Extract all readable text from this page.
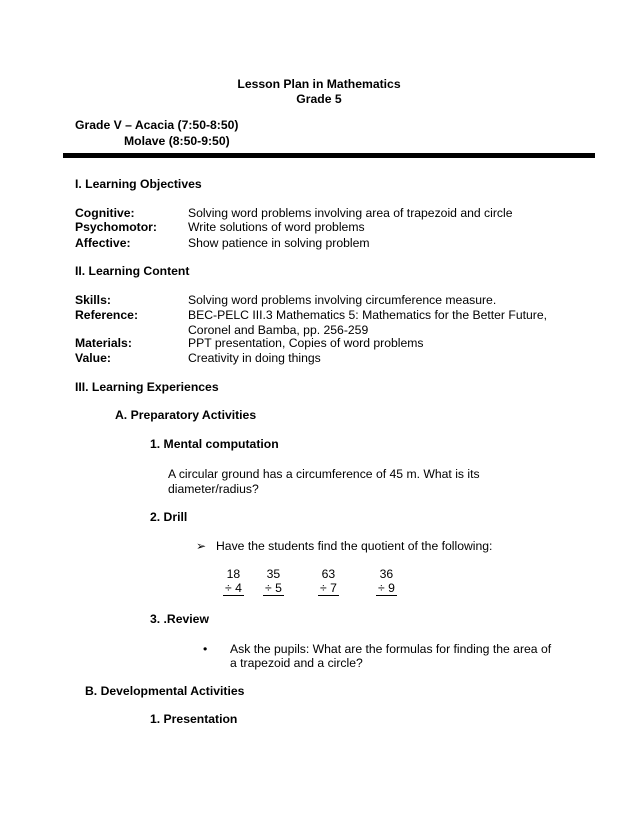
Lesson Plan in Mathematics
Grade 5
Grade V – Acacia (7:50-8:50)
Molave (8:50-9:50)
I. Learning Objectives
Cognitive:	Solving word problems involving area of trapezoid and circle
Psychomotor:	Write solutions of word problems
Affective:	Show patience in solving problem
II. Learning Content
Skills:	Solving word problems involving circumference measure.
Reference:	BEC-PELC III.3 Mathematics 5: Mathematics for the Better Future,
Coronel and Bamba, pp. 256-259
Materials:	PPT presentation, Copies of word problems
Value:	Creativity in doing things
III. Learning Experiences
A. Preparatory Activities
1. Mental computation
A circular ground has a circumference of 45 m. What is its
diameter/radius?
2. Drill
➢ Have the students find the quotient of the following:
18
÷ 4
35
÷ 5
63
÷ 7
36
÷ 9
3. .Review
• Ask the pupils: What are the formulas for finding the area of
a trapezoid and a circle?
B. Developmental Activities
1. Presentation
